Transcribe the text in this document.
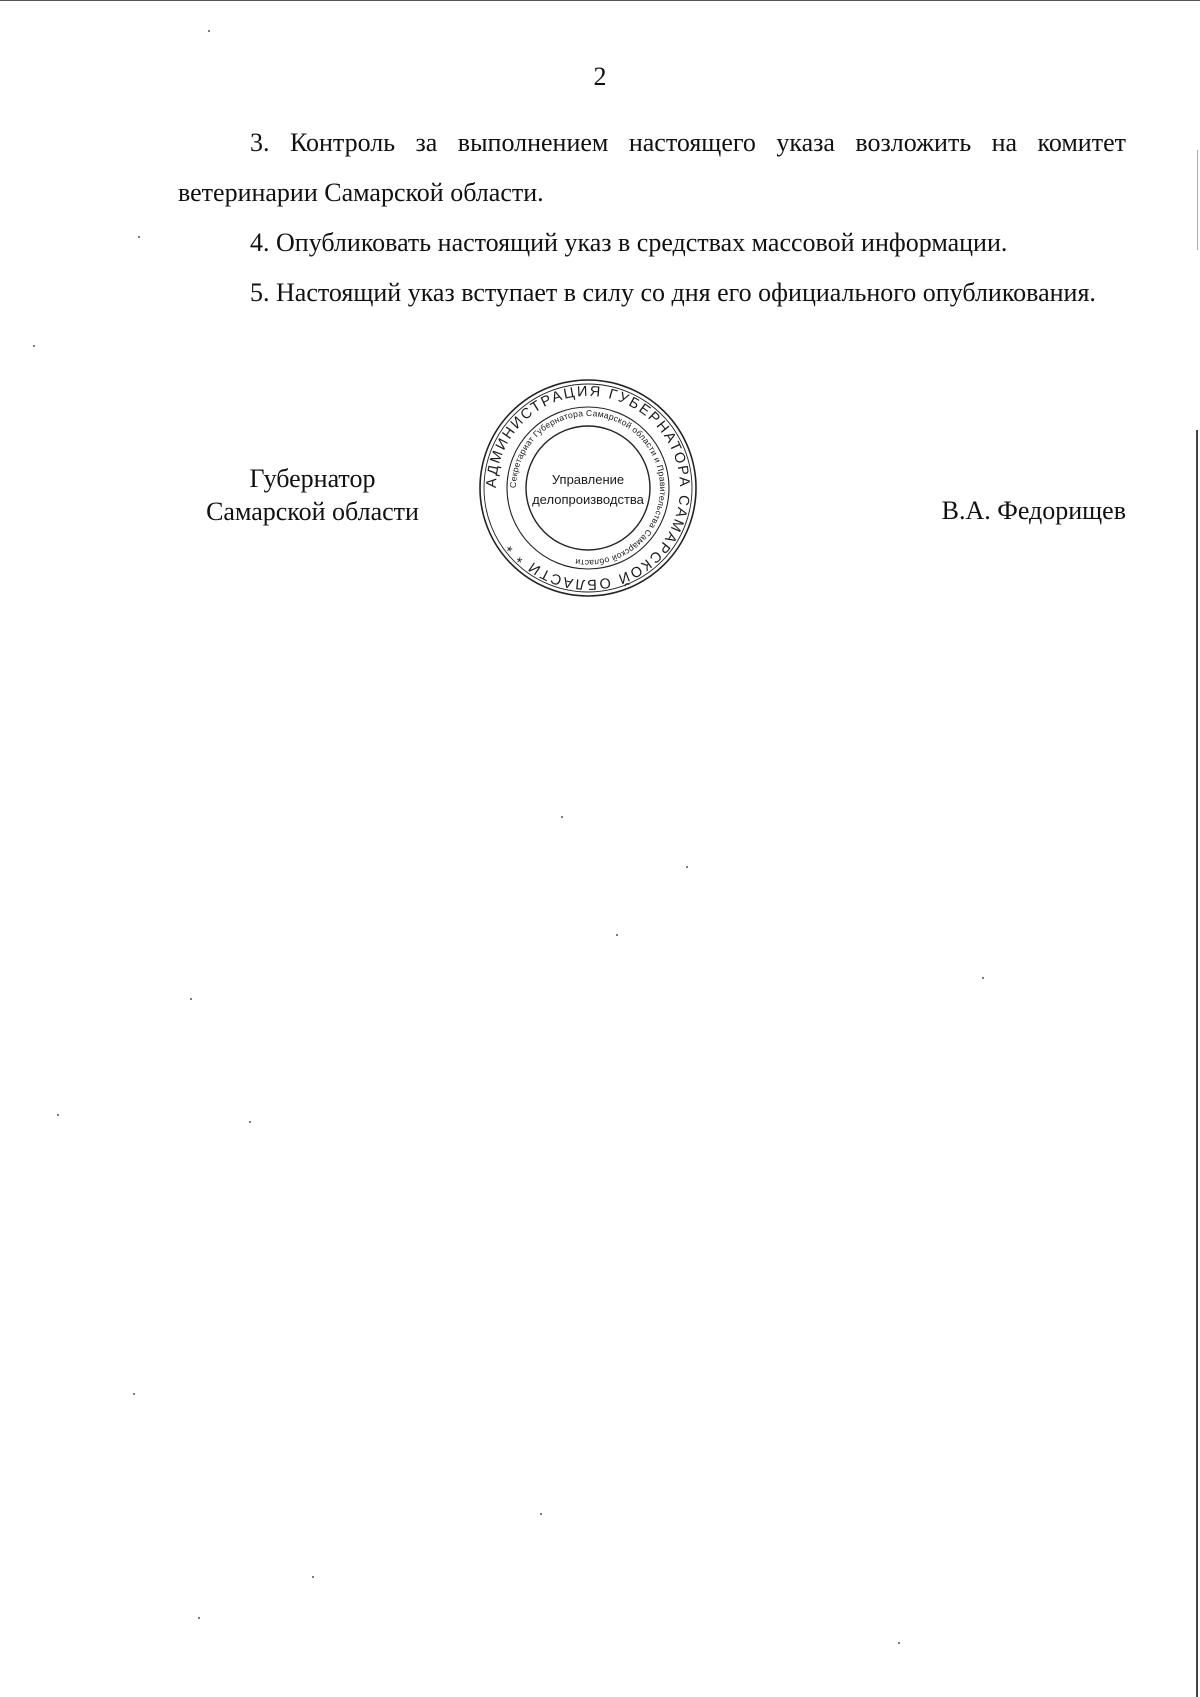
2

3. Контроль за выполнением настоящего указа возложить на комитет ветеринарии Самарской области.

4. Опубликовать настоящий указ в средствах массовой информации.

5. Настоящий указ вступает в силу со дня его официального опубликования.

Губернатор
Самарской области
АДМИНИСТРАЦИЯ ГУБЕРНАТОРА САМАРСКОЙ ОБЛАСТИ * *
Секретариат Губернатора Самарской области и Правительства Самарской области
Управление
делопроизводства	В.А. Федорищев
